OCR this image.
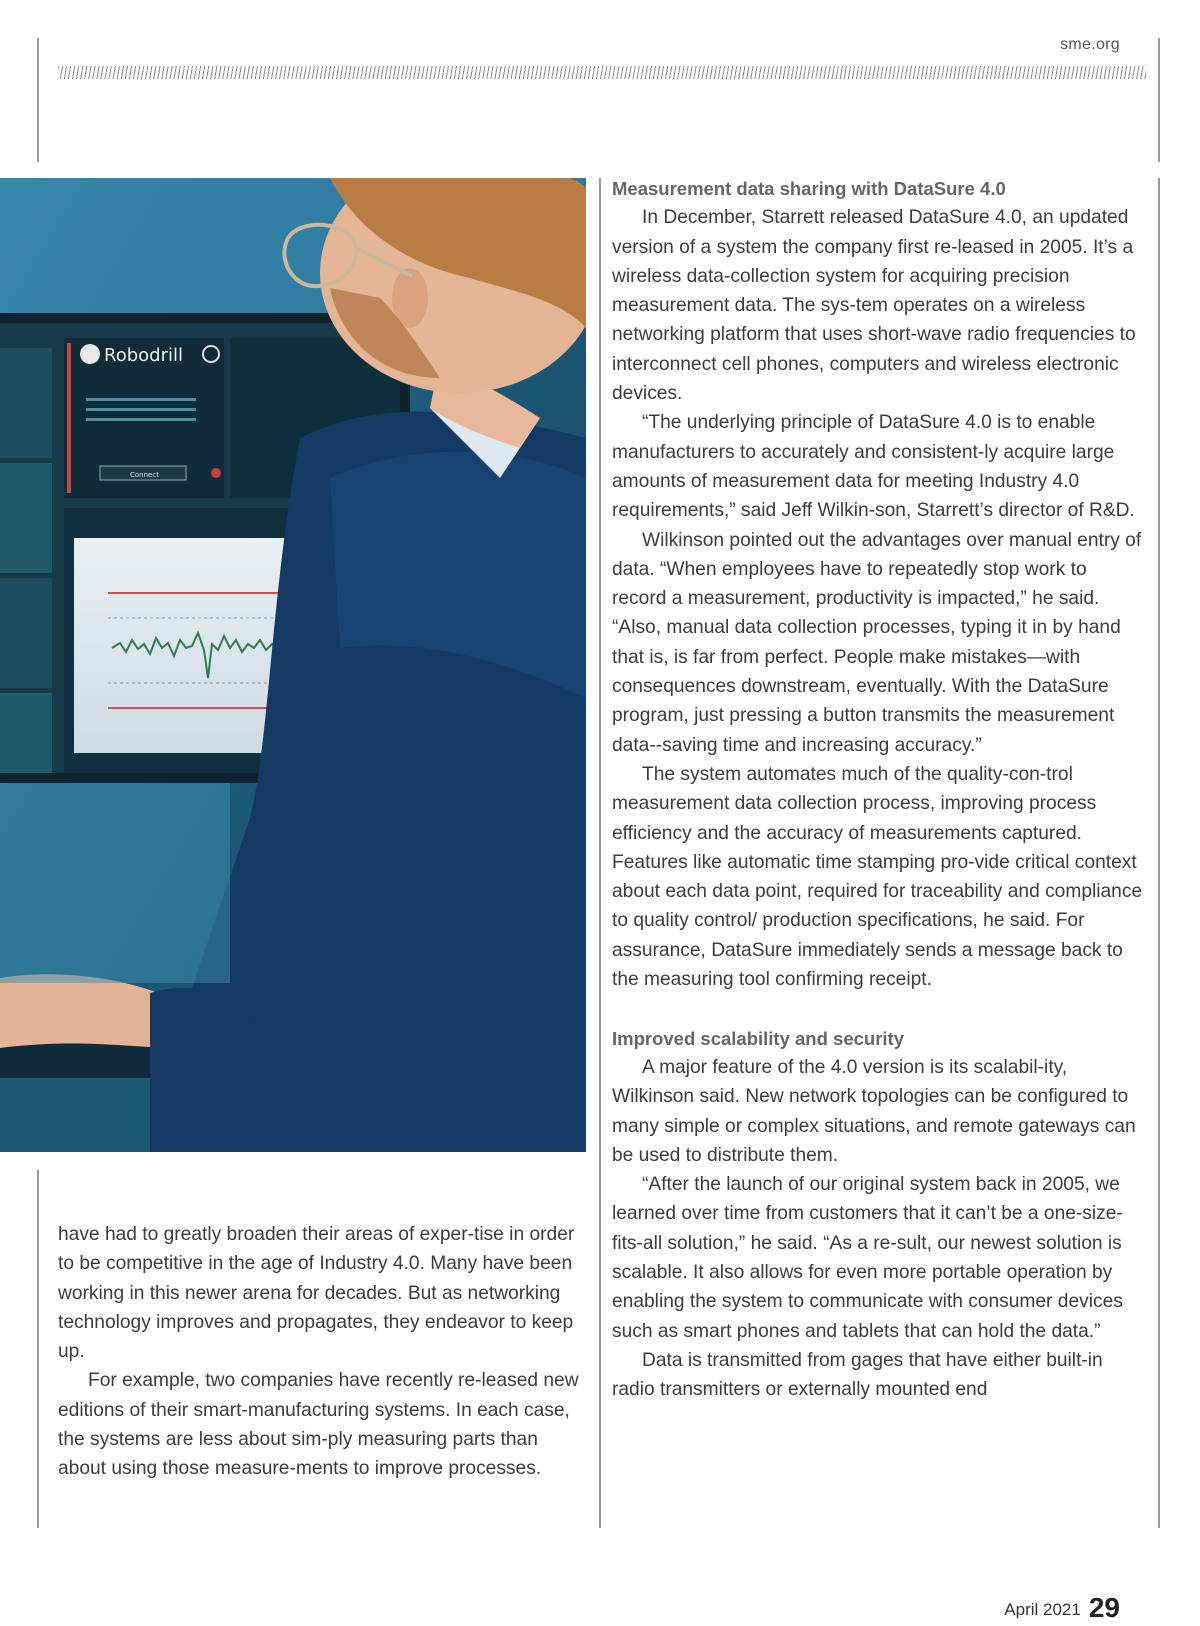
sme.org
Robodrill
Connect

have had to greatly broaden their areas of exper-tise in order to be competitive in the age of Industry 4.0. Many have been working in this newer arena for decades. But as networking technology improves and propagates, they endeavor to keep up.

For example, two companies have recently re-leased new editions of their smart-manufacturing systems. In each case, the systems are less about sim-ply measuring parts than about using those measure-ments to improve processes.

Measurement data sharing with DataSure 4.0

In December, Starrett released DataSure 4.0, an updated version of a system the company first re-leased in 2005. It’s a wireless data-collection system for acquiring precision measurement data. The sys-tem operates on a wireless networking platform that uses short-wave radio frequencies to interconnect cell phones, computers and wireless electronic devices.

“The underlying principle of DataSure 4.0 is to enable manufacturers to accurately and consistent-ly acquire large amounts of measurement data for meeting Industry 4.0 requirements,” said Jeff Wilkin-son, Starrett’s director of R&D.

Wilkinson pointed out the advantages over manual entry of data. “When employees have to repeatedly stop work to record a measurement, productivity is impacted,” he said. “Also, manual data collection processes, typing it in by hand that is, is far from perfect. People make mistakes—with consequences downstream, eventually. With the DataSure program, just pressing a button transmits the measurement data--saving time and increasing accuracy.”

The system automates much of the quality-con-trol measurement data collection process, improving process efficiency and the accuracy of measurements captured. Features like automatic time stamping pro-vide critical context about each data point, required for traceability and compliance to quality control/ production specifications, he said. For assurance, DataSure immediately sends a message back to the measuring tool confirming receipt.

Improved scalability and security

A major feature of the 4.0 version is its scalabil-ity, Wilkinson said. New network topologies can be configured to many simple or complex situations, and remote gateways can be used to distribute them.

“After the launch of our original system back in 2005, we learned over time from customers that it can’t be a one-size-fits-all solution,” he said. “As a re-sult, our newest solution is scalable. It also allows for even more portable operation by enabling the system to communicate with consumer devices such as smart phones and tablets that can hold the data.”

Data is transmitted from gages that have either built-in radio transmitters or externally mounted end

April 2021 29
